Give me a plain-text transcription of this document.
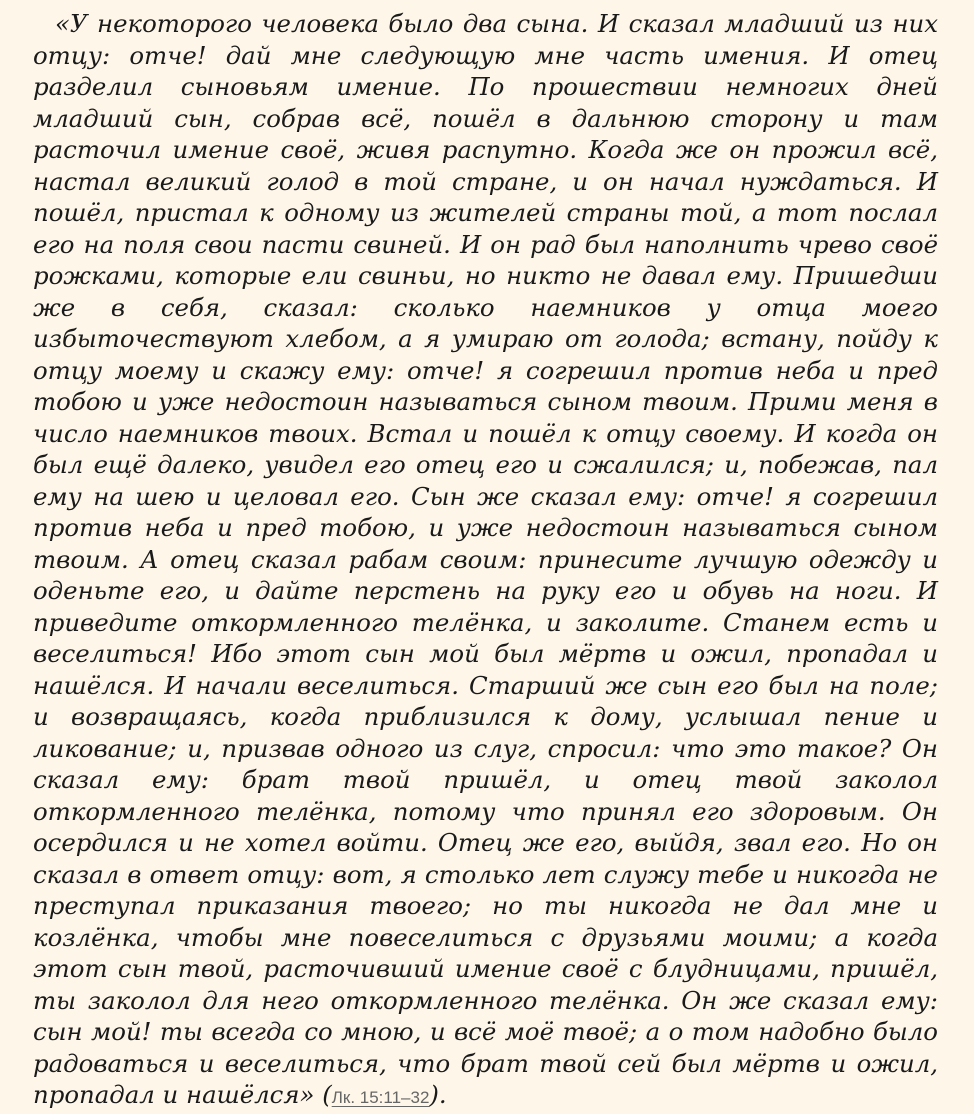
«У некоторого человека было два сына. И сказал младший из них отцу: отче! дай мне следующую мне часть имения. И отец разделил сыновьям имение. По прошествии немногих дней младший сын, собрав всё, пошёл в дальнюю сторону и там расточил имение своё, живя распутно. Когда же он прожил всё, настал великий голод в той стране, и он начал нуждаться. И пошёл, пристал к одному из жителей страны той, а тот послал его на поля свои пасти свиней. И он рад был наполнить чрево своё рожками, которые ели свиньи, но никто не давал ему. Пришедши же в себя, сказал: сколько наемников у отца моего избыточествуют хлебом, а я умираю от голода; встану, пойду к отцу моему и скажу ему: отче! я согрешил против неба и пред тобою и уже недостоин называться сыном твоим. Прими меня в число наемников твоих. Встал и пошёл к отцу своему. И когда он был ещё далеко, увидел его отец его и сжалился; и, побежав, пал ему на шею и целовал его. Сын же сказал ему: отче! я согрешил против неба и пред тобою, и уже недостоин называться сыном твоим. А отец сказал рабам своим: принесите лучшую одежду и оденьте его, и дайте перстень на руку его и обувь на ноги. И приведите откормленного телёнка, и заколите. Станем есть и веселиться! Ибо этот сын мой был мёртв и ожил, пропадал и нашёлся. И начали веселиться. Старший же сын его был на поле; и возвращаясь, когда приблизился к дому, услышал пение и ликование; и, призвав одного из слуг, спросил: что это такое? Он сказал ему: брат твой пришёл, и отец твой заколол откормленного телёнка, потому что принял его здоровым. Он осердился и не хотел войти. Отец же его, выйдя, звал его. Но он сказал в ответ отцу: вот, я столько лет служу тебе и никогда не преступал приказания твоего; но ты никогда не дал мне и козлёнка, чтобы мне повеселиться с друзьями моими; а когда этот сын твой, расточивший имение своё с блудницами, пришёл, ты заколол для него откормленного телёнка. Он же сказал ему: сын мой! ты всегда со мною, и всё моё твоё; а о том надобно было радоваться и веселиться, что брат твой сей был мёртв и ожил, пропадал и нашёлся» (Лк. 15:11–32).
